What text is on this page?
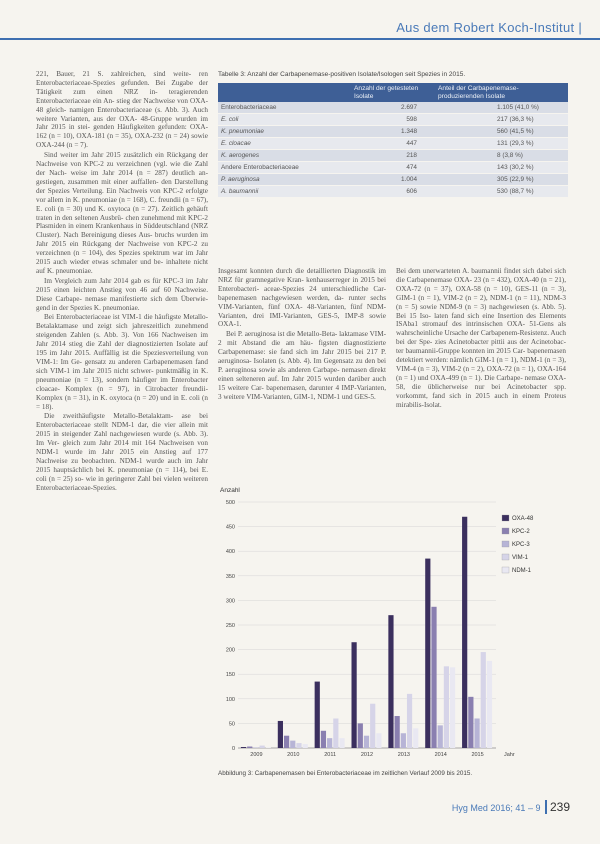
Aus dem Robert Koch-Institut |

221, Bauer, 21 S. zahlreichen, sind weite- ren Enterobacteriaceae-Spezies gefunden. Bei Zugabe der Tätigkeit zum einen NRZ in- teragierenden Enterobacteriaceae ein An- stieg der Nachweise von OXA-48 gleich- namigen Enterobacteriaceae (s. Abb. 3). Auch weitere Varianten, aus der OXA- 48-Gruppe wurden im Jahr 2015 in stei- genden Häufigkeiten gefunden: OXA-162 (n = 10), OXA-181 (n = 35), OXA-232 (n = 24) sowie OXA-244 (n = 7).

Sind weiter im Jahr 2015 zusätzlich ein Rückgang der Nachweise von KPC-2 zu verzeichnen (vgl. wie die Zahl der Nach- weise im Jahr 2014 (n = 287) deutlich an- gestiegen, zusammen mit einer auffallen- den Darstellung der Spezies Verteilung. Ein Nachweis von KPC-2 erfolgte vor allem in K. pneumoniae (n = 168), C. freundii (n = 67), E. coli (n = 30) und K. oxytoca (n = 27). Zeitlich gehäuft traten in den seltenen Ausbrü- chen zunehmend mit KPC-2 Plasmiden in einem Krankenhaus in Süddeutschland (NRZ Cluster). Nach Bereinigung dieses Aus- bruchs wurden im Jahr 2015 ein Rückgang der Nachweise von KPC-2 zu verzeichnen (n = 104), des Spezies spektrum war im Jahr 2015 auch wieder etwas schmaler und be- inhaltete nicht auf K. pneumoniae.

Im Vergleich zum Jahr 2014 gab es für KPC-3 im Jahr 2015 einen leichten Anstieg von 46 auf 60 Nachweise. Diese Carbape- nemase manifestierte sich dem Überwie- gend in der Spezies K. pneumoniae.

Bei Enterobacteriaceae ist VIM-1 die häufigste Metallo-Betalaktamase und zeigt sich jahreszeitlich zunehmend steigenden Zahlen (s. Abb. 3). Von 166 Nachweisen im Jahr 2014 stieg die Zahl der diagnostizierten Isolate auf 195 im Jahr 2015. Auffällig ist die Speziesverteilung von VIM-1: Im Ge- gensatz zu anderen Carbapenemasen fand sich VIM-1 im Jahr 2015 nicht schwer- punktmäßig in K. pneumoniae (n = 13), sondern häufiger im Enterobacter cloacae- Komplex (n = 97), in Citrobacter freundii- Komplex (n = 31), in K. oxytoca (n = 20) und in E. coli (n = 18).

Die zweithäufigste Metallo-Betalaktam- ase bei Enterobacteriaceae stellt NDM-1 dar, die vier allein mit 2015 in steigender Zahl nachgewiesen wurde (s. Abb. 3). Im Ver- gleich zum Jahr 2014 mit 164 Nachweisen von NDM-1 wurde im Jahr 2015 ein Anstieg auf 177 Nachweise zu beobachten. NDM-1 wurde auch im Jahr 2015 hauptsächlich bei K. pneumoniae (n = 114), bei E. coli (n = 25) so- wie in geringerer Zahl bei vielen weiteren Enterobacteriaceae-Spezies.

Tabelle 3: Anzahl der Carbapenemase-positiven Isolate/Isologen seit Spezies in 2015.
	Anzahl der getesteten Isolate	Anteil der Carbapenemase- produzierenden Isolate
Enterobacteriaceae	2.697	1.105 (41,0 %)
E. coli	598	217 (36,3 %)
K. pneumoniae	1.348	560 (41,5 %)
E. cloacae	447	131 (29,3 %)
K. aerogenes	218	8 (3,8 %)
Andere Enterobacteriaceae	474	143 (30,2 %)
P. aeruginosa	1.004	305 (22,9 %)
A. baumannii	606	530 (88,7 %)

Insgesamt konnten durch die detaillierten Diagnostik im NRZ für gramnegative Kran- kenhauserreger in 2015 bei Enterobacteri- aceae-Spezies 24 unterschiedliche Car- bapenemasen nachgewiesen werden, da- runter sechs VIM-Varianten, fünf OXA- 48-Varianten, fünf NDM-Varianten, drei IMI-Varianten, GES-5, IMP-8 sowie OXA-1.

Bei P. aeruginosa ist die Metallo-Beta- laktamase VIM-2 mit Abstand die am häu- figsten diagnostizierte Carbapenemase: sie fand sich im Jahr 2015 bei 217 P. aeruginosa- Isolaten (s. Abb. 4). Im Gegensatz zu den bei P. aeruginosa sowie als anderen Carbape- nemasen direkt einen selteneren auf. Im Jahr 2015 wurden darüber auch 15 weitere Car- bapenemasen, darunter 4 IMP-Varianten, 3 weitere VIM-Varianten, GIM-1, NDM-1 und GES-5.

Bei dem unerwarteten A. baumannii findet sich dabei sich die Carbapenemase OXA- 23 (n = 432), OXA-40 (n = 21), OXA-72 (n = 37), OXA-58 (n = 10), GES-11 (n = 3), GIM-1 (n = 1), VIM-2 (n = 2), NDM-1 (n = 11), NDM-3 (n = 5) sowie NDM-9 (n = 3) nachgewiesen (s. Abb. 5). Bei 15 Iso- laten fand sich eine Insertion des Elements ISAba1 stromauf des intrinsischen OXA- 51-Gens als wahrscheinliche Ursache der Carbapenem-Resistenz. Auch bei der Spe- zies Acinetobacter pittii aus der Acinetobac- ter baumannii-Gruppe konnten im 2015 Car- bapenemasen detektiert werden: nämlich GIM-1 (n = 1), NDM-1 (n = 3), VIM-4 (n = 3), VIM-2 (n = 2), OXA-72 (n = 1), OXA-164 (n = 1) und OXA-499 (n = 1). Die Carbape- nemase OXA-58, die üblicherweise nur bei Acinetobacter spp. vorkommt, fand sich in 2015 auch in einem Proteus mirabilis-Isolat.

Anzahl
0
50
100
150
200
250
300
350
400
450
500
2009	2010	2011	2012	2013	2014	2015	Jahr
OXA-48
KPC-2
KPC-3
VIM-1
NDM-1
Abbildung 3: Carbapenemasen bei Enterobacteriaceae im zeitlichen Verlauf 2009 bis 2015.
Hyg Med 2016; 41 – 9 239
